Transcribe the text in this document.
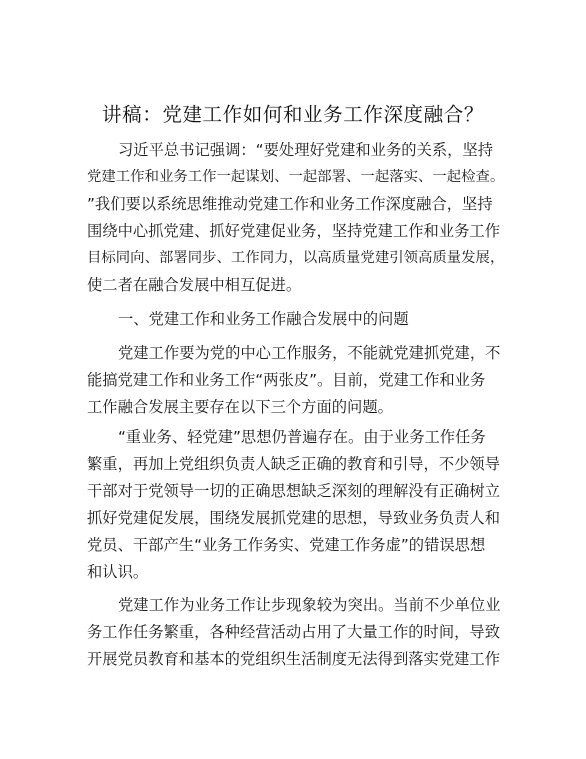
讲稿：党建工作如何和业务工作深度融合？
习近平总书记强调：“要处理好党建和业务的关系，坚持
党建工作和业务工作一起谋划、一起部署、一起落实、一起检查。
”我们要以系统思维推动党建工作和业务工作深度融合，坚持
围绕中心抓党建、抓好党建促业务，坚持党建工作和业务工作
目标同向、部署同步、工作同力，以高质量党建引领高质量发展，
使二者在融合发展中相互促进。
一、党建工作和业务工作融合发展中的问题
党建工作要为党的中心工作服务，不能就党建抓党建，不
能搞党建工作和业务工作“两张皮”。目前，党建工作和业务
工作融合发展主要存在以下三个方面的问题。
“重业务、轻党建”思想仍普遍存在。由于业务工作任务
繁重，再加上党组织负责人缺乏正确的教育和引导，不少领导
干部对于党领导一切的正确思想缺乏深刻的理解没有正确树立
抓好党建促发展，围绕发展抓党建的思想，导致业务负责人和
党员、干部产生“业务工作务实、党建工作务虚”的错误思想
和认识。
党建工作为业务工作让步现象较为突出。当前不少单位业
务工作任务繁重，各种经营活动占用了大量工作的时间，导致
开展党员教育和基本的党组织生活制度无法得到落实党建工作
